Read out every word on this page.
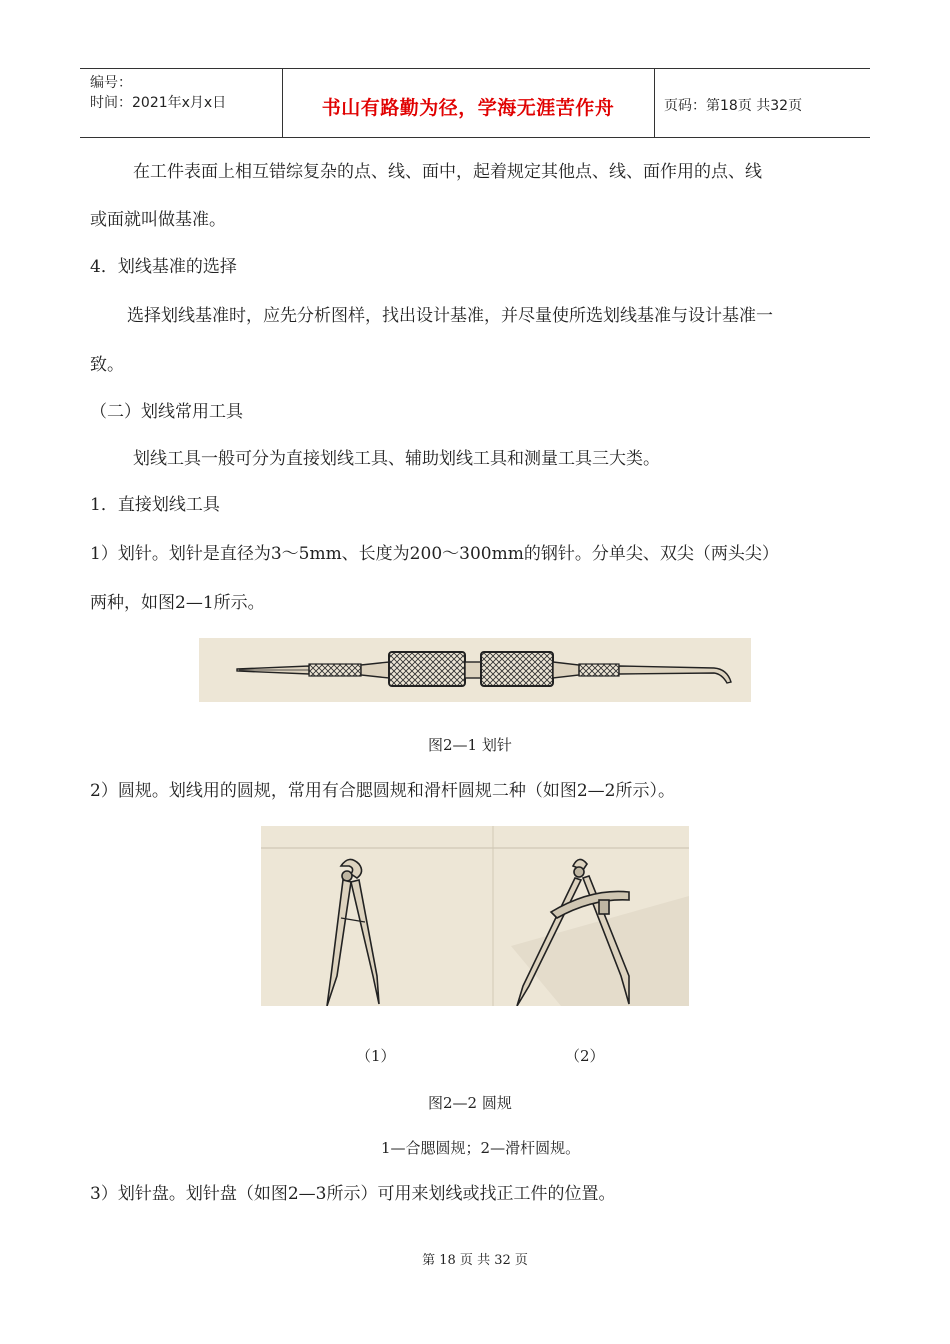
编号：
时间：2021年x月x日	书山有路勤为径，学海无涯苦作舟	页码：第18页 共32页
在工件表面上相互错综复杂的点、线、面中，起着规定其他点、线、面作用的点、线
或面就叫做基准。
4．划线基准的选择
选择划线基准时，应先分析图样，找出设计基准，并尽量使所选划线基准与设计基准一
致。
（二）划线常用工具
划线工具一般可分为直接划线工具、辅助划线工具和测量工具三大类。
1．直接划线工具
1）划针。划针是直径为3～5mm、长度为200～300mm的钢针。分单尖、双尖（两头尖）
两种，如图2—1所示。
图2—1 划针
2）圆规。划线用的圆规，常用有合腮圆规和滑杆圆规二种（如图2—2所示）。
（1）	（2）
图2—2 圆规
1—合腮圆规；2—滑杆圆规。
3）划针盘。划针盘（如图2—3所示）可用来划线或找正工件的位置。
第 18 页 共 32 页
